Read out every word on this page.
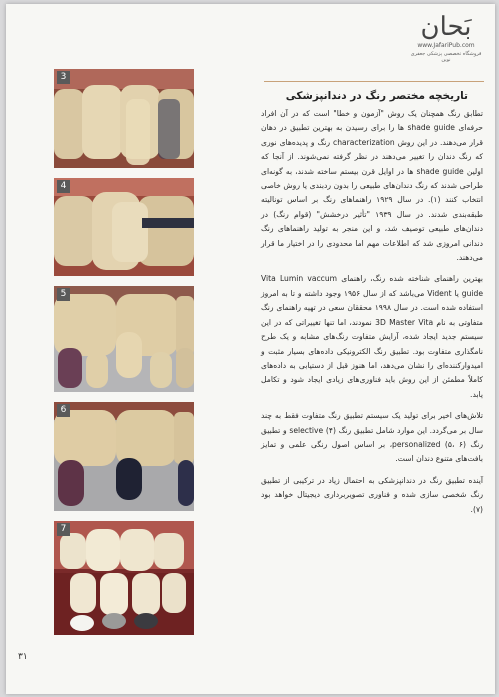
بَحان
www.JafariPub.com
فروشگاه تخصصی پزشکی جعفری نوین
تاریخچه مختصر رنگ در دندانپزشکی

تطابق رنگ همچنان یک روش "آزمون و خطا" است که در آن افراد حرفه‌ای shade guide ها را برای رسیدن به بهترین تطبیق در دهان قرار می‌دهند. در این روش characterization رنگ و پدیده‌های نوری که رنگ دندان را تغییر می‌دهند در نظر گرفته نمی‌شوند. از آنجا که اولین shade guide ها در اوایل قرن بیستم ساخته شدند، به گونه‌ای طراحی شدند که رنگ دندان‌های طبیعی را بدون ردبندی یا روش خاصی انتخاب کنند (۱). در سال ۱۹۲۹ راهنماهای رنگ بر اساس تونالیته طبقه‌بندی شدند. در سال ۱۹۳۹ "تأثیر درخشش" (قوام رنگ) در دندان‌های طبیعی توصیف شد، و این منجر به تولید راهنماهای رنگ دندانی امروزی شد که اطلاعات مهم اما محدودی را در اختیار ما قرار می‌دهند.

بهترین راهنمای شناخته شده رنگ، راهنمای Vita Lumin vaccum guide یا Vident می‌باشد که از سال ۱۹۵۶ وجود داشته و تا به امروز استفاده شده است. در سال ۱۹۹۸ محققان سعی در تهیه راهنمای رنگ متفاوتی به نام 3D Master Vita نمودند، اما تنها تغییراتی که در این سیستم جدید ایجاد شده، آرایش متفاوت رنگ‌های مشابه و یک طرح نامگذاری متفاوت بود. تطبیق رنگ الکترونیکی داده‌های بسیار مثبت و امیدوارکننده‌ای را نشان می‌دهد، اما هنوز قبل از دستیابی به داده‌های کاملاً مطمئن از این روش باید فناوری‌های زیادی ایجاد شود و تکامل یابد.

تلاش‌های اخیر برای تولید یک سیستم تطبیق رنگ متفاوت فقط به چند سال بر می‌گردد. این موارد شامل تطبیق رنگ selective (۴) و تطبیق رنگ personalized (۵، ۶)، بر اساس اصول رنگی علمی و تمایز بافت‌های متنوع دندان است.

آینده تطبیق رنگ در دندانپزشکی به احتمال زیاد در ترکیبی از تطبیق رنگ شخصی سازی شده و فناوری تصویربرداری دیجیتال خواهد بود (۷).

3
4
5
6
7
۳۱
